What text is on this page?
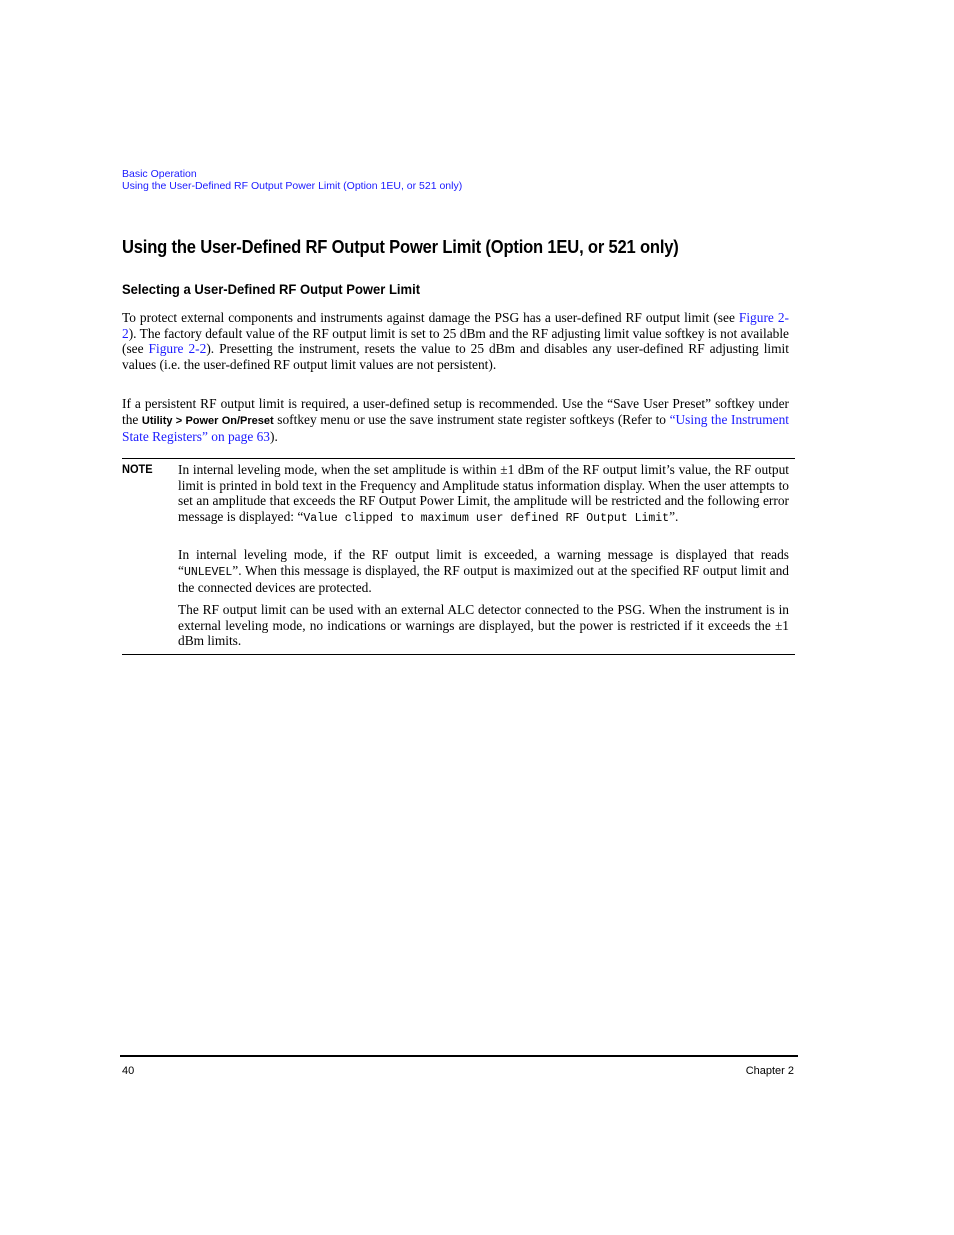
Basic Operation
Using the User-Defined RF Output Power Limit (Option 1EU, or 521 only)
Using the User-Defined RF Output Power Limit (Option 1EU, or 521 only)
Selecting a User-Defined RF Output Power Limit

To protect external components and instruments against damage the PSG has a user-defined RF output limit (see Figure 2-2). The factory default value of the RF output limit is set to 25 dBm and the RF adjusting limit value softkey is not available (see Figure 2-2). Presetting the instrument, resets the value to 25 dBm and disables any user-defined RF adjusting limit values (i.e. the user-defined RF output limit values are not persistent).

If a persistent RF output limit is required, a user-defined setup is recommended. Use the “Save User Preset” softkey under the Utility > Power On/Preset softkey menu or use the save instrument state register softkeys (Refer to “Using the Instrument State Registers” on page 63).

NOTE In internal leveling mode, when the set amplitude is within ±1 dBm of the RF output limit’s value, the RF output limit is printed in bold text in the Frequency and Amplitude status information display. When the user attempts to set an amplitude that exceeds the RF Output Power Limit, the amplitude will be restricted and the following error message is displayed: “Value clipped to maximum user defined RF Output Limit”.

In internal leveling mode, if the RF output limit is exceeded, a warning message is displayed that reads “UNLEVEL”. When this message is displayed, the RF output is maximized out at the specified RF output limit and the connected devices are protected.

The RF output limit can be used with an external ALC detector connected to the PSG. When the instrument is in external leveling mode, no indications or warnings are displayed, but the power is restricted if it exceeds the ±1 dBm limits.

40	Chapter 2
